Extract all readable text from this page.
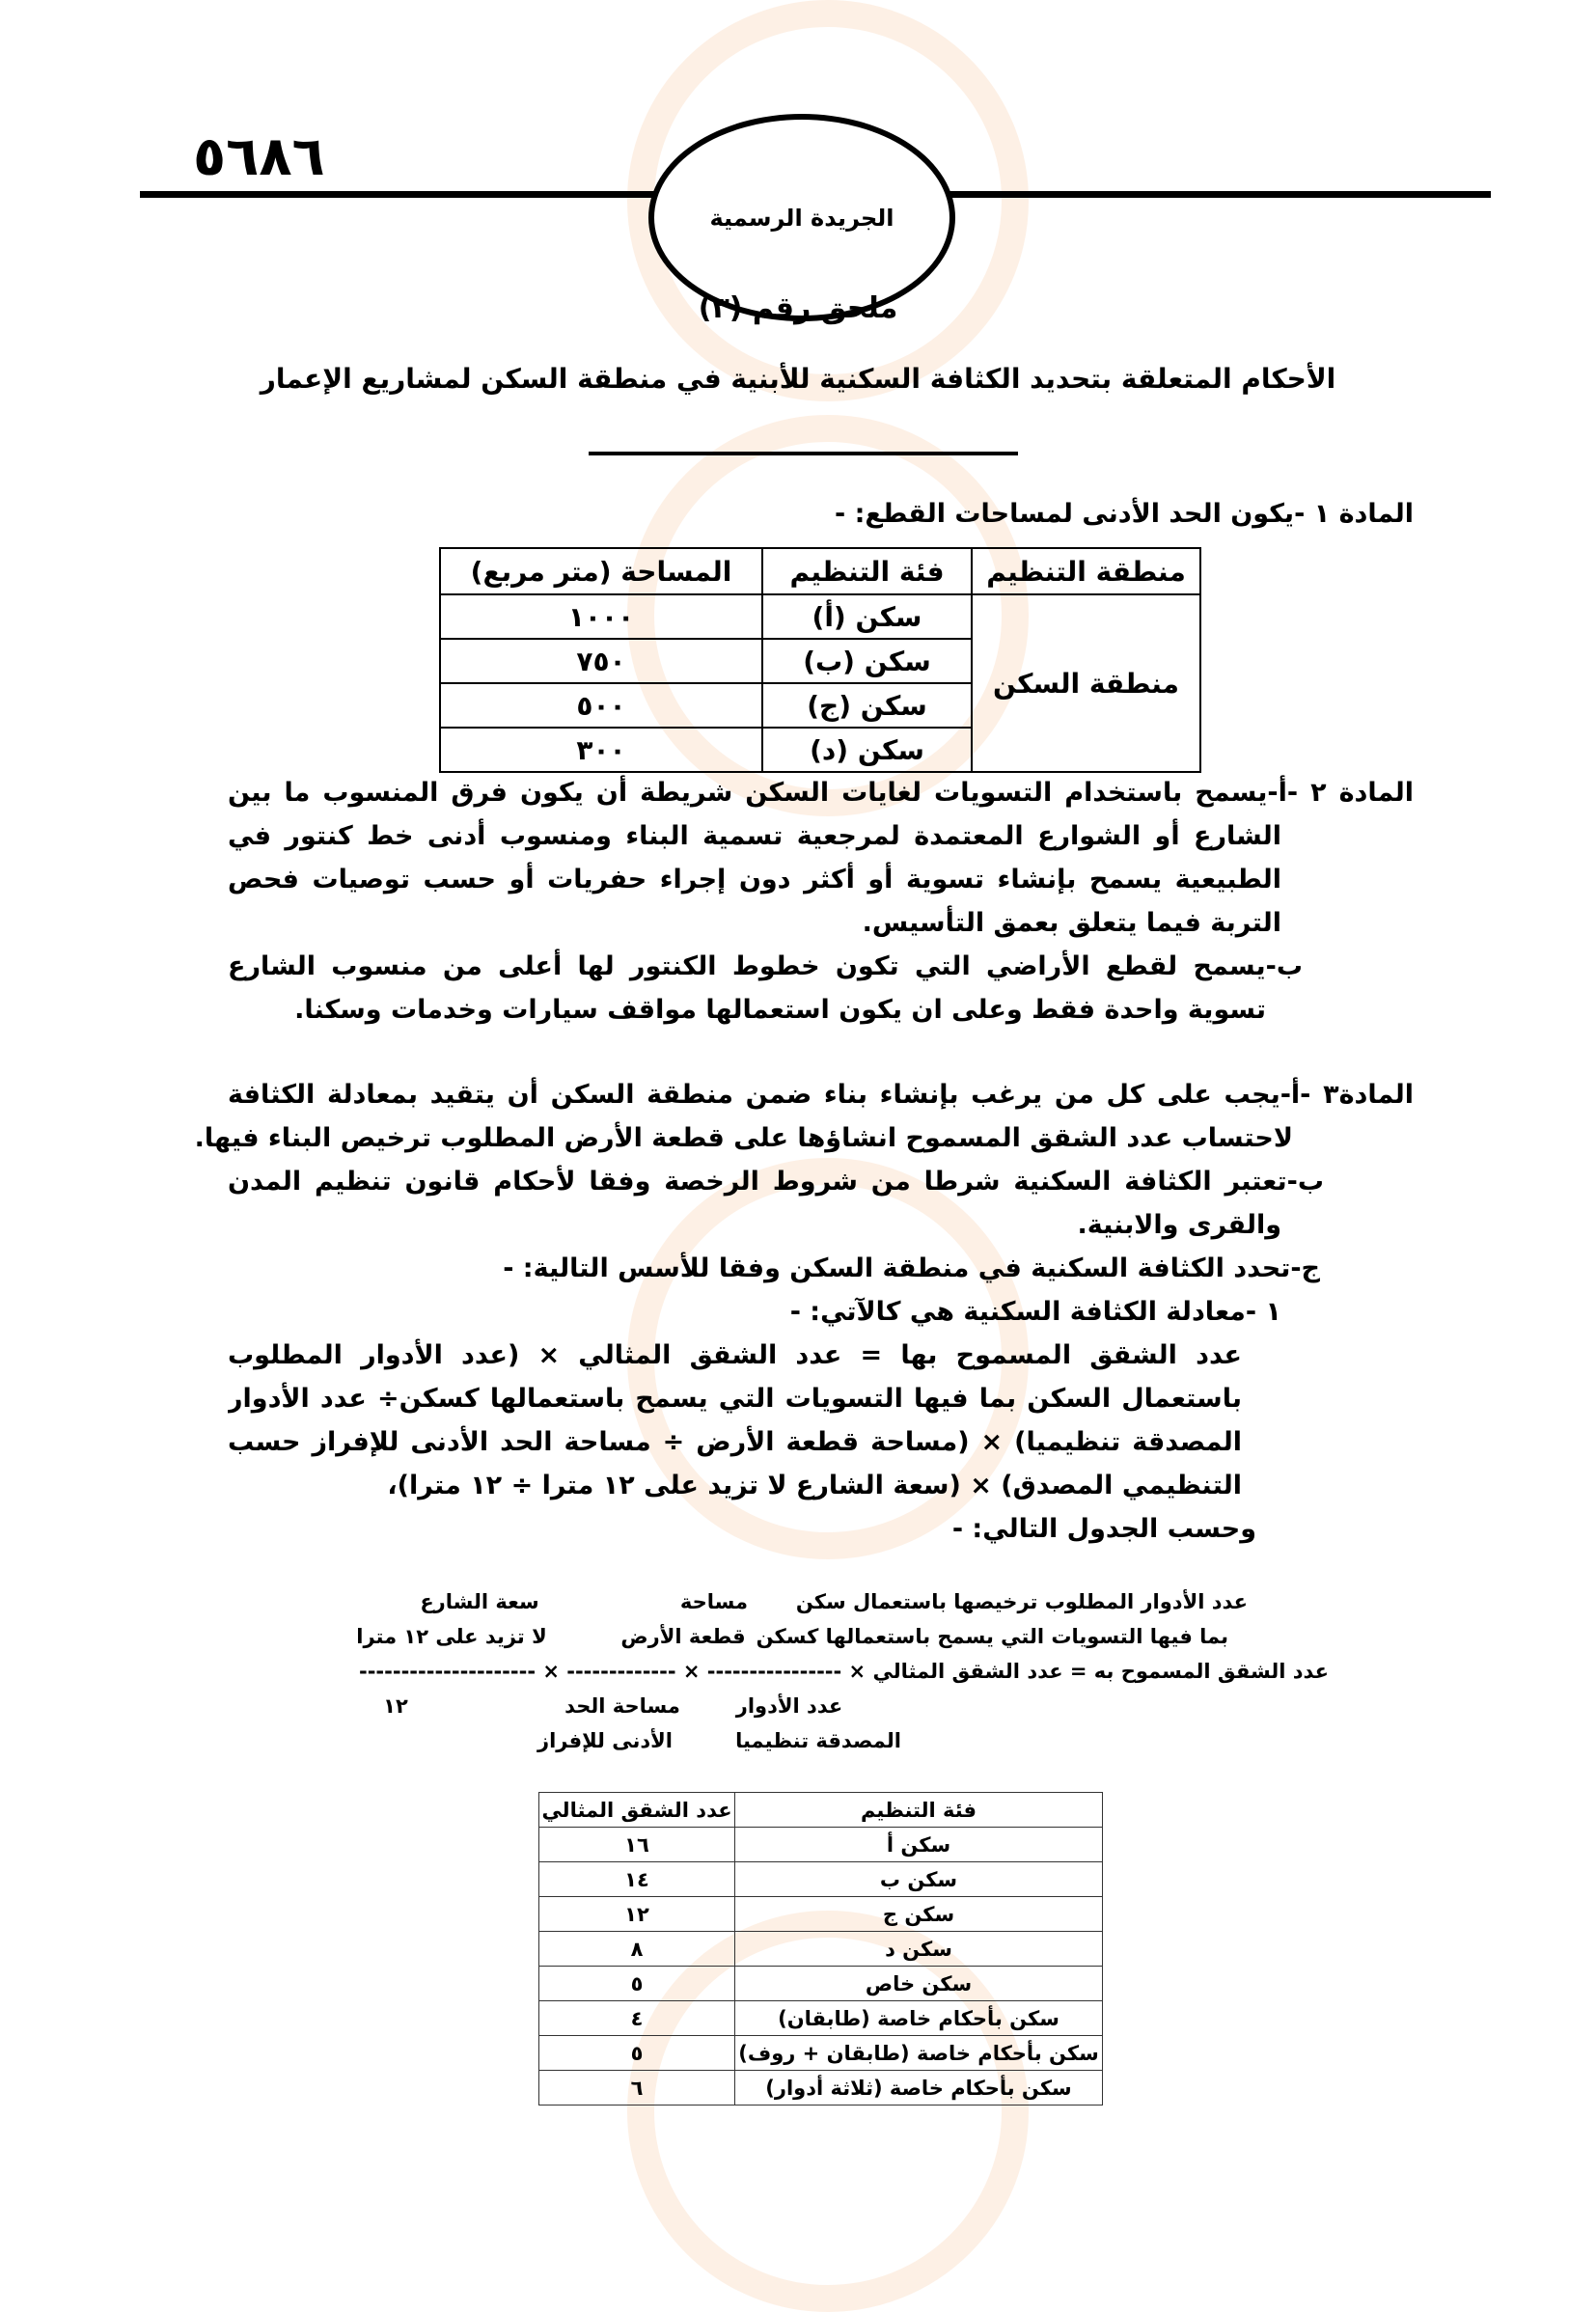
٥٦٨٦
الجريدة الرسمية
ملحق رقم (٣)
الأحكام المتعلقة بتحديد الكثافة السكنية للأبنية في منطقة السكن لمشاريع الإعمار
المادة ١ -يكون الحد الأدنى لمساحات القطع: -
منطقة التنظيم	فئة التنظيم	المساحة (متر مربع)
منطقة السكن	سكن (أ)	١٠٠٠
	سكن (ب)	٧٥٠
	سكن (ج)	٥٠٠
	سكن (د)	٣٠٠
المادة ٢ -أ-يسمح باستخدام التسويات لغايات السكن شريطة أن يكون فرق المنسوب ما بين
الشارع أو الشوارع المعتمدة لمرجعية تسمية البناء ومنسوب أدنى خط كنتور في
الطبيعية يسمح بإنشاء تسوية أو أكثر دون إجراء حفريات أو حسب توصيات فحص
التربة فيما يتعلق بعمق التأسيس.
ب-يسمح لقطع الأراضي التي تكون خطوط الكنتور لها أعلى من منسوب الشارع
تسوية واحدة فقط وعلى ان يكون استعمالها مواقف سيارات وخدمات وسكنا.
المادة٣ -أ-يجب على كل من يرغب بإنشاء بناء ضمن منطقة السكن أن يتقيد بمعادلة الكثافة
لاحتساب عدد الشقق المسموح انشاؤها على قطعة الأرض المطلوب ترخيص البناء فيها.
ب-تعتبر الكثافة السكنية شرطا من شروط الرخصة وفقا لأحكام قانون تنظيم المدن
والقرى والابنية.
ج-تحدد الكثافة السكنية في منطقة السكن وفقا للأسس التالية: -
١ -معادلة الكثافة السكنية هي كالآتي: -
عدد الشقق المسموح بها = عدد الشقق المثالي × (عدد الأدوار المطلوب
باستعمال السكن بما فيها التسويات التي يسمح باستعمالها كسكن÷ عدد الأدوار
المصدقة تنظيميا) × (مساحة قطعة الأرض ÷ مساحة الحد الأدنى للإفراز حسب
التنظيمي المصدق) × (سعة الشارع لا تزيد على ١٢ مترا ÷ ١٢ مترا)،
وحسب الجدول التالي: -
عدد الأدوار المطلوب ترخيصها باستعمال سكن
مساحة
سعة الشارع
بما فيها التسويات التي يسمح باستعمالها كسكن
قطعة الأرض
لا تزيد على ١٢ مترا
عدد الشقق المسموح به = عدد الشقق المثالي × ---------------- × ------------- × ---------------------
عدد الأدوار
مساحة الحد
١٢
المصدقة تنظيميا
الأدنى للإفراز
فئة التنظيم	عدد الشقق المثالي
سكن أ	١٦
سكن ب	١٤
سكن ج	١٢
سكن د	٨
سكن خاص	٥
سكن بأحكام خاصة (طابقان)	٤
سكن بأحكام خاصة (طابقان + روف)	٥
سكن بأحكام خاصة (ثلاثة أدوار)	٦
